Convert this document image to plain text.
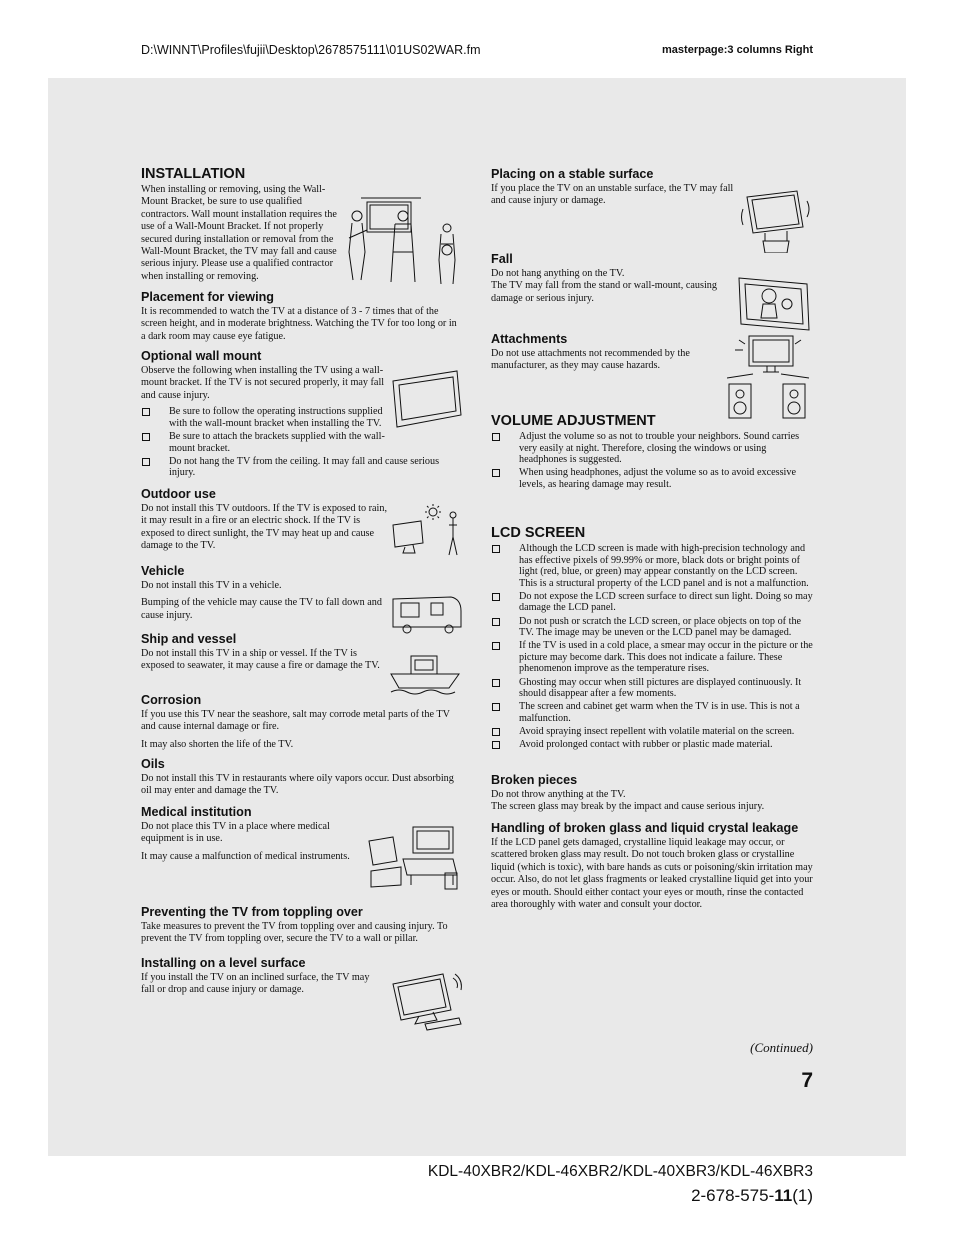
D:\WINNT\Profiles\fujii\Desktop\2678575111\01US02WAR.fm	masterpage:3 columns Right
INSTALLATION

When installing or removing, using the Wall-Mount Bracket, be sure to use qualified contractors. Wall mount installation requires the use of a Wall-Mount Bracket. If not properly secured during installation or removal from the Wall-Mount Bracket, the TV may fall and cause serious injury. Please use a qualified contractor when installing or removing.

Placement for viewing

It is recommended to watch the TV at a distance of 3 - 7 times that of the screen height, and in moderate brightness. Watching the TV for too long or in a dark room may cause eye fatigue.

Optional wall mount

Observe the following when installing the TV using a wall-mount bracket. If the TV is not secured properly, it may fall and cause injury.

Be sure to follow the operating instructions supplied with the wall-mount bracket when installing the TV.
Be sure to attach the brackets supplied with the wall-mount bracket.
Do not hang the TV from the ceiling. It may fall and cause serious injury.
Outdoor use

Do not install this TV outdoors. If the TV is exposed to rain, it may result in a fire or an electric shock. If the TV is exposed to direct sunlight, the TV may heat up and cause damage to the TV.

Vehicle

Do not install this TV in a vehicle.

Bumping of the vehicle may cause the TV to fall down and cause injury.

Ship and vessel

Do not install this TV in a ship or vessel. If the TV is exposed to seawater, it may cause a fire or damage the TV.

Corrosion

If you use this TV near the seashore, salt may corrode metal parts of the TV and cause internal damage or fire.

It may also shorten the life of the TV.

Oils

Do not install this TV in restaurants where oily vapors occur. Dust absorbing oil may enter and damage the TV.

Medical institution

Do not place this TV in a place where medical equipment is in use.

It may cause a malfunction of medical instruments.

Preventing the TV from toppling over

Take measures to prevent the TV from toppling over and causing injury. To prevent the TV from toppling over, secure the TV to a wall or pillar.

Installing on a level surface

If you install the TV on an inclined surface, the TV may fall or drop and cause injury or damage.

Placing on a stable surface

If you place the TV on an unstable surface, the TV may fall and cause injury or damage.

Fall

Do not hang anything on the TV.

The TV may fall from the stand or wall-mount, causing damage or serious injury.

Attachments

Do not use attachments not recommended by the manufacturer, as they may cause hazards.

VOLUME ADJUSTMENT
Adjust the volume so as not to trouble your neighbors. Sound carries very easily at night. Therefore, closing the windows or using headphones is suggested.
When using headphones, adjust the volume so as to avoid excessive levels, as hearing damage may result.
LCD SCREEN
Although the LCD screen is made with high-precision technology and has effective pixels of 99.99% or more, black dots or bright points of light (red, blue, or green) may appear constantly on the LCD screen. This is a structural property of the LCD panel and is not a malfunction.
Do not expose the LCD screen surface to direct sun light. Doing so may damage the LCD panel.
Do not push or scratch the LCD screen, or place objects on top of the TV. The image may be uneven or the LCD panel may be damaged.
If the TV is used in a cold place, a smear may occur in the picture or the picture may become dark. This does not indicate a failure. These phenomenon improve as the temperature rises.
Ghosting may occur when still pictures are displayed continuously. It should disappear after a few moments.
The screen and cabinet get warm when the TV is in use. This is not a malfunction.
Avoid spraying insect repellent with volatile material on the screen.
Avoid prolonged contact with rubber or plastic made material.
Broken pieces

Do not throw anything at the TV.

The screen glass may break by the impact and cause serious injury.

Handling of broken glass and liquid crystal leakage

If the LCD panel gets damaged, crystalline liquid leakage may occur, or scattered broken glass may result. Do not touch broken glass or crystalline liquid (which is toxic), with bare hands as cuts or poisoning/skin irritation may occur. Also, do not let glass fragments or leaked crystalline liquid get into your eyes or mouth. Should either contact your eyes or mouth, rinse the contacted area thoroughly with water and consult your doctor.

(Continued)
7
KDL-40XBR2/KDL-46XBR2/KDL-40XBR3/KDL-46XBR3
2-678-575-11(1)
